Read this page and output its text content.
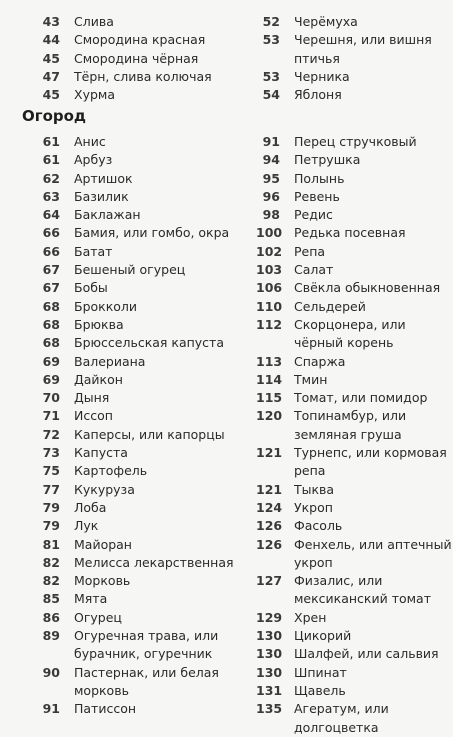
43	Слива
44	Смородина красная
45	Смородина чёрная
47	Тёрн, слива колючая
45	Хурма
52	Черёмуха
53	Черешня, или вишня птичья
53	Черника
54	Яблоня
Огород
61	Анис
61	Арбуз
62	Артишок
63	Базилик
64	Баклажан
66	Бамия, или гомбо, окра
66	Батат
67	Бешеный огурец
67	Бобы
68	Брокколи
68	Брюква
68	Брюссельская капуста
69	Валериана
69	Дайкон
70	Дыня
71	Иссоп
72	Каперсы, или капорцы
73	Капуста
75	Картофель
77	Кукуруза
79	Лоба
79	Лук
81	Майоран
82	Мелисса лекарственная
82	Морковь
85	Мята
86	Огурец
89	Огуречная трава, или бурачник, огуречник
90	Пастернак, или белая морковь
91	Патиссон
91	Перец стручковый
94	Петрушка
95	Полынь
96	Ревень
98	Редис
100 Редька посевная
102 Репа
103 Салат
106 Свёкла обыкновенная
110 Сельдерей
112 Скорцонера, или чёрный корень
113 Спаржа
114 Тмин
115 Томат, или помидор
120 Топинамбур, или земляная груша
121 Турнепс, или кормовая репа
121 Тыква
124 Укроп
126 Фасоль
126 Фенхель, или аптечный укроп
127 Физалис, или мексиканский томат
129 Хрен
130 Цикорий
130 Шалфей, или сальвия
130 Шпинат
131 Щавель
135 Агератум, или долгоцветка
